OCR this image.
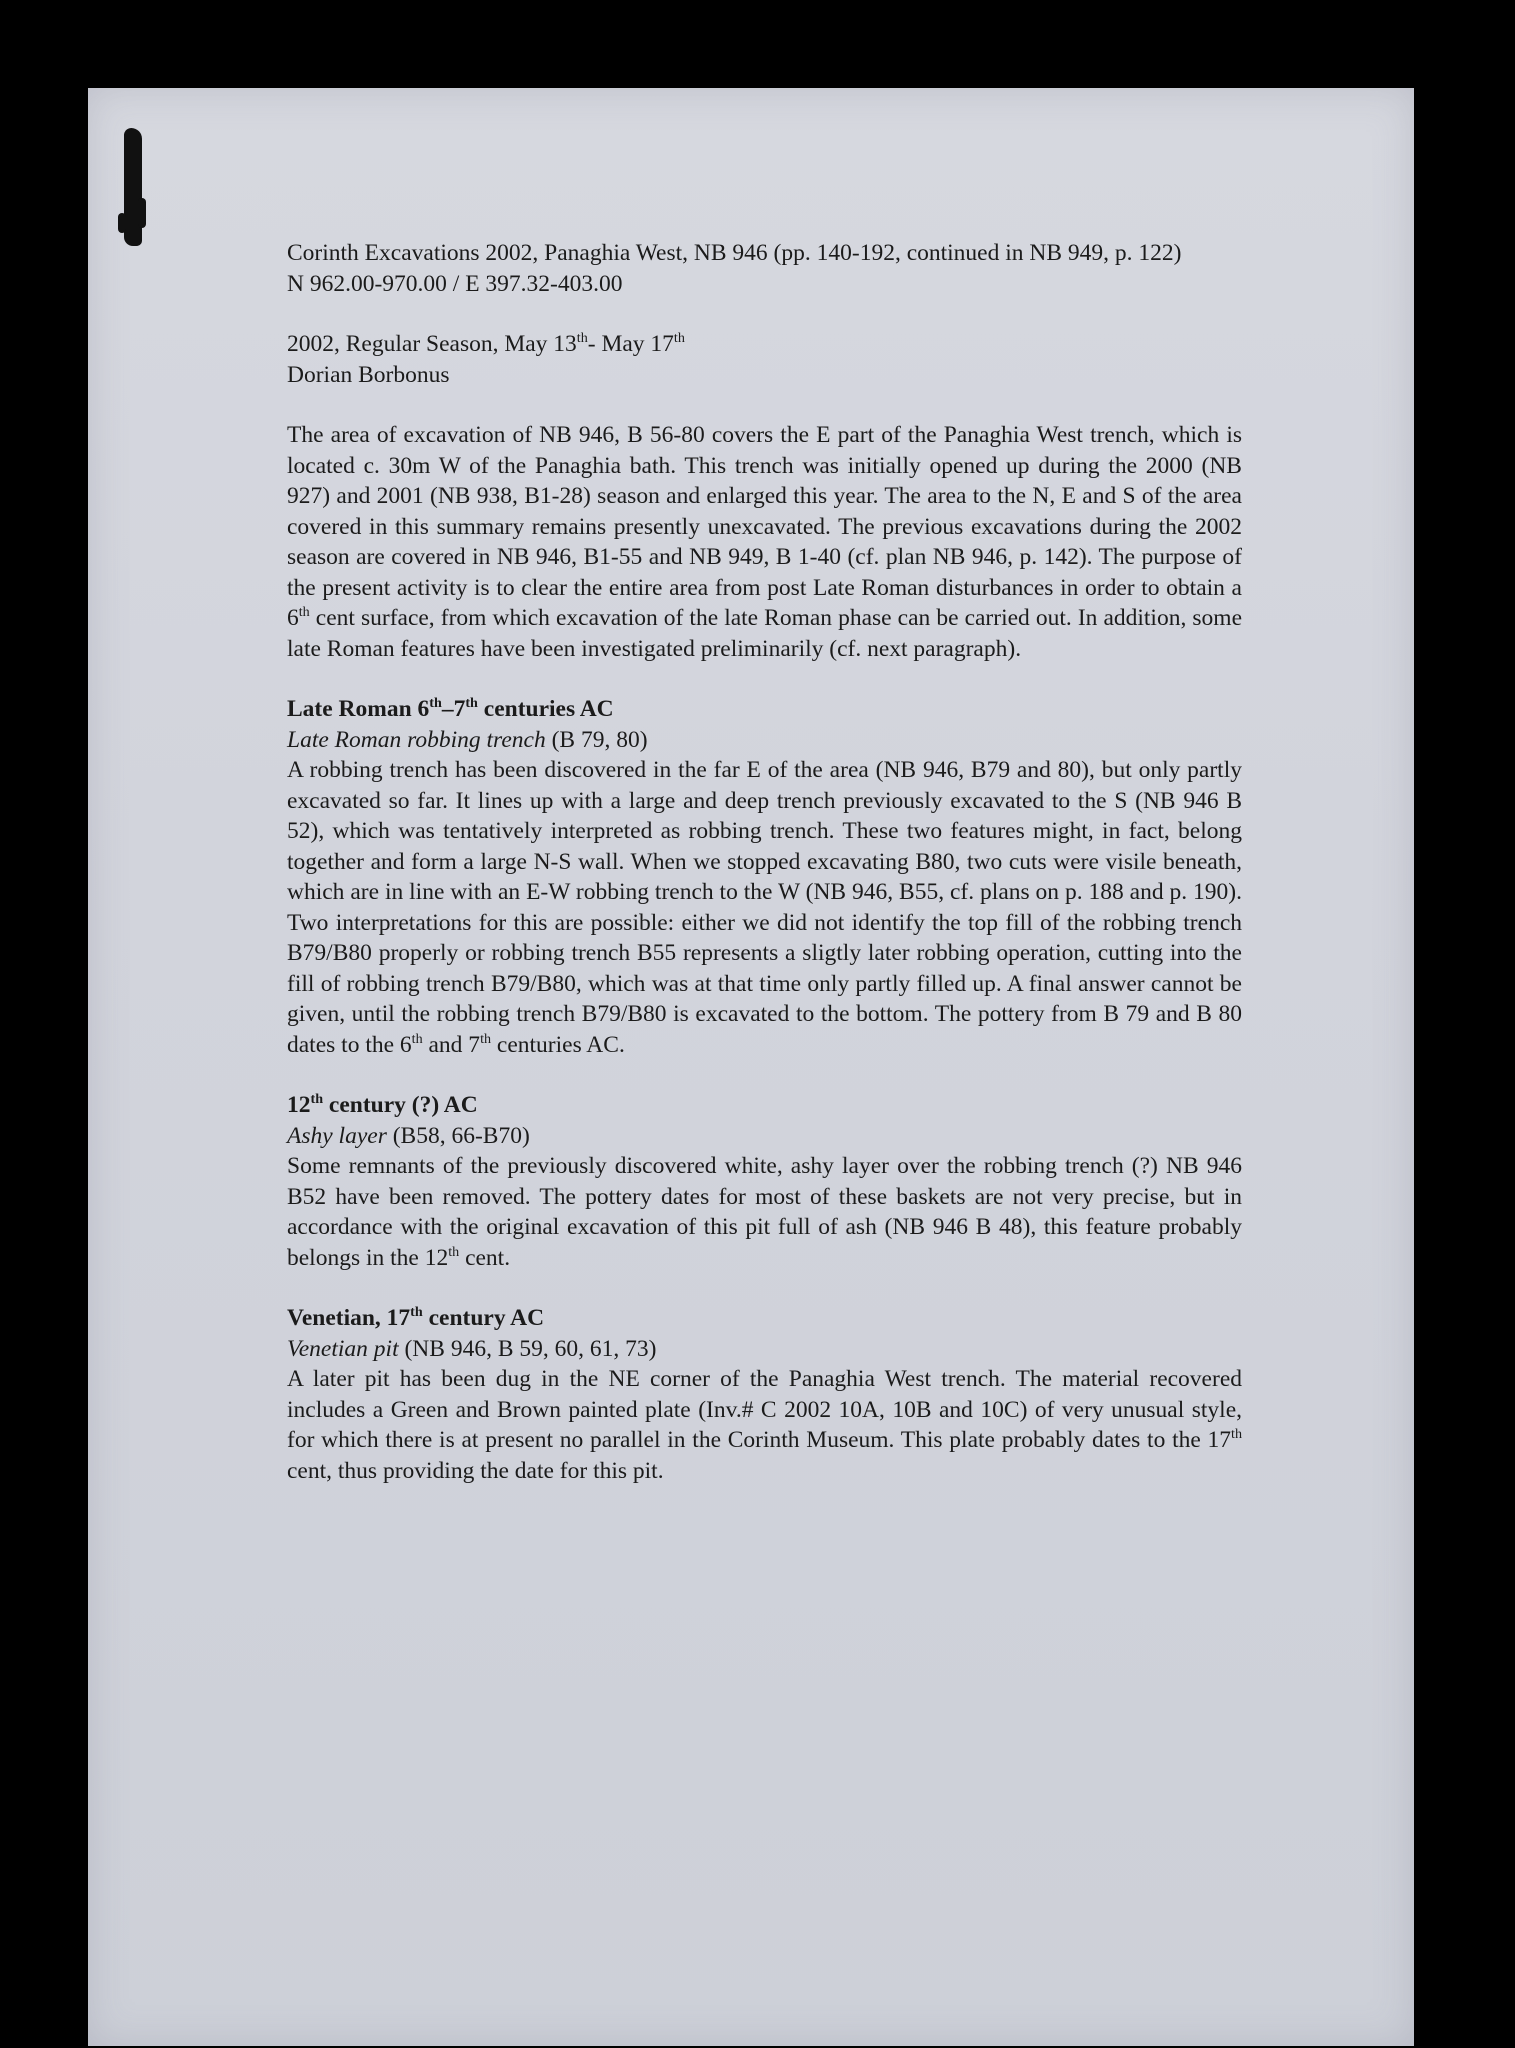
Corinth Excavations 2002, Panaghia West, NB 946 (pp. 140-192, continued in NB 949, p. 122)

N 962.00-970.00 / E 397.32-403.00

2002, Regular Season, May 13th- May 17th

Dorian Borbonus

The area of excavation of NB 946, B 56-80 covers the E part of the Panaghia West trench, which is located c. 30m W of the Panaghia bath. This trench was initially opened up during the 2000 (NB 927) and 2001 (NB 938, B1-28) season and enlarged this year. The area to the N, E and S of the area covered in this summary remains presently unexcavated. The previous excavations during the 2002 season are covered in NB 946, B1-55 and NB 949, B 1-40 (cf. plan NB 946, p. 142). The purpose of the present activity is to clear the entire area from post Late Roman disturbances in order to obtain a 6th cent surface, from which excavation of the late Roman phase can be carried out. In addition, some late Roman features have been investigated preliminarily (cf. next paragraph).

Late Roman 6th–7th centuries AC

Late Roman robbing trench (B 79, 80)

A robbing trench has been discovered in the far E of the area (NB 946, B79 and 80), but only partly excavated so far. It lines up with a large and deep trench previously excavated to the S (NB 946 B 52), which was tentatively interpreted as robbing trench. These two features might, in fact, belong together and form a large N-S wall. When we stopped excavating B80, two cuts were visile beneath, which are in line with an E-W robbing trench to the W (NB 946, B55, cf. plans on p. 188 and p. 190). Two interpretations for this are possible: either we did not identify the top fill of the robbing trench B79/B80 properly or robbing trench B55 represents a sligtly later robbing operation, cutting into the fill of robbing trench B79/B80, which was at that time only partly filled up. A final answer cannot be given, until the robbing trench B79/B80 is excavated to the bottom. The pottery from B 79 and B 80 dates to the 6th and 7th centuries AC.

12th century (?) AC

Ashy layer (B58, 66-B70)

Some remnants of the previously discovered white, ashy layer over the robbing trench (?) NB 946 B52 have been removed. The pottery dates for most of these baskets are not very precise, but in accordance with the original excavation of this pit full of ash (NB 946 B 48), this feature probably belongs in the 12th cent.

Venetian, 17th century AC

Venetian pit (NB 946, B 59, 60, 61, 73)

A later pit has been dug in the NE corner of the Panaghia West trench. The material recovered includes a Green and Brown painted plate (Inv.# C 2002 10A, 10B and 10C) of very unusual style, for which there is at present no parallel in the Corinth Museum. This plate probably dates to the 17th cent, thus providing the date for this pit.
